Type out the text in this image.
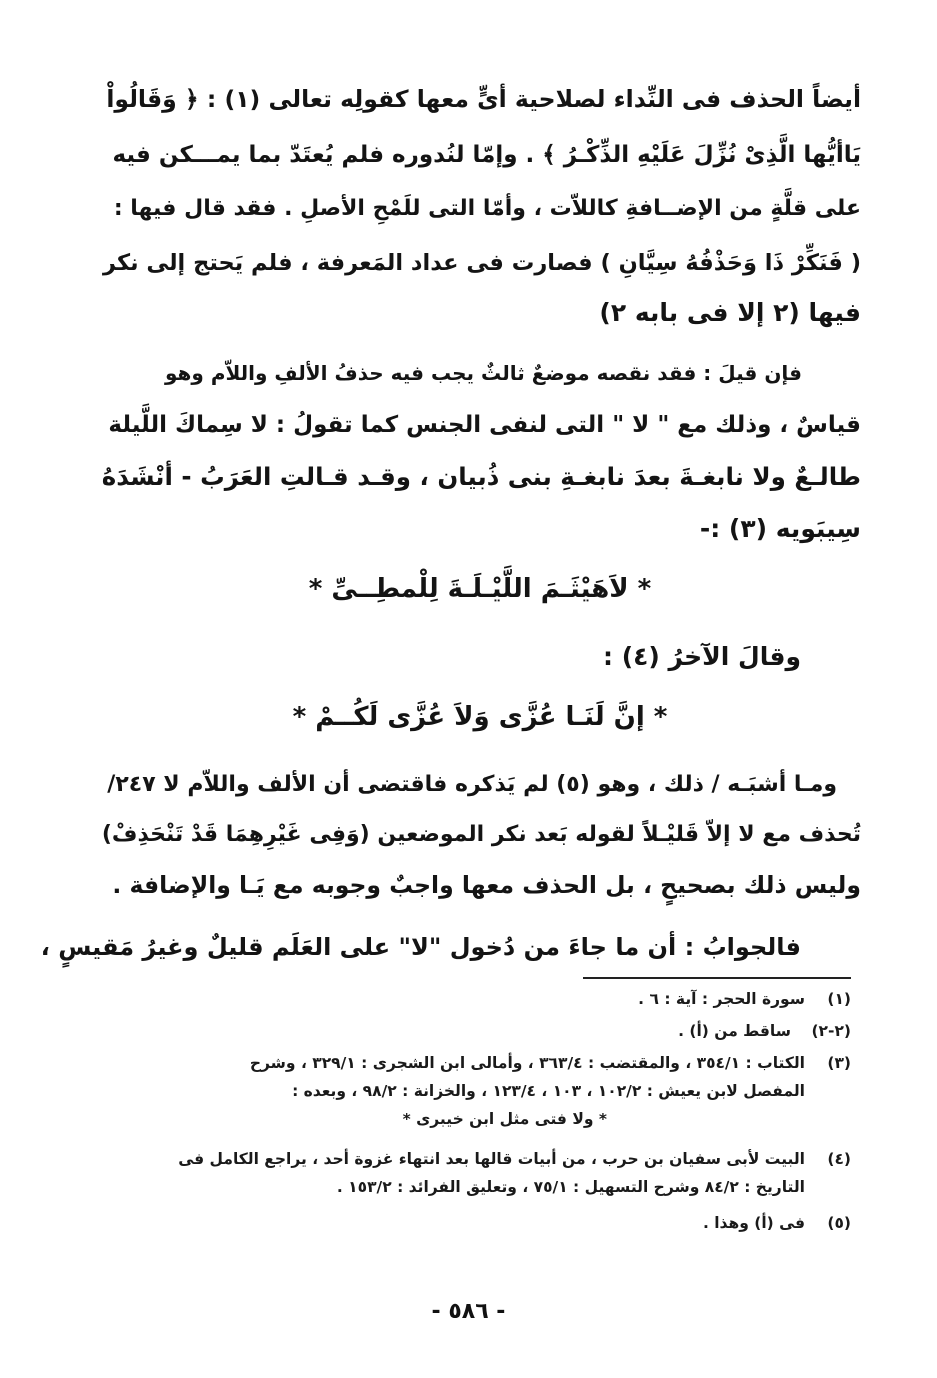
أيضاً الحذف فى النِّداء لصلاحية أىٍّ معها كقولِه تعالى (١) : ﴿ وَقَالُواْ
يَاأيُّها الَّذِىْ نُزِّلَ عَلَيْهِ الذِّكْـرُ ﴾ . وإمّا لنُدوره فلم يُعتَدّ بما يمـــكن فيه
على قلَّةٍ من الإضــافةِ كاللاّت ، وأمّا التى للَمْحِ الأصلِ . فقد قال فيها :
( فَنَكِّرْ ذَا وَحَذْفُهُ سِيَّانِ ) فصارت فى عداد المَعرفة ، فلم يَحتج إلى نكر
فيها (٢ إلا فى بابه ٢)
فإن قيلَ : فقد نقصه موضعٌ ثالثٌ يجب فيه حذفُ الألفِ واللاّم وهو
قياسٌ ، وذلك مع " لا " التى لنفى الجنس كما تقولُ : لا سِماكَ اللَّيلة
طالـعٌ ولا نابغـةَ بعدَ نابغـةِ بنى ذُبيان ، وقـد قـالتِ العَرَبُ - أنْشَدَهُ
سِيبَويه (٣) :-
* لاَهَيْثَـمَ اللَّيْـلَـةَ لِلْمطِــىِّ *
وقالَ الآخرُ (٤) :
* إنَّ لَنَـا عُزَّى وَلاَ عُزَّى لَكُــمْ *
ومـا أشبَـه / ذلك ، وهو (٥) لم يَذكره فاقتضى أن الألف واللاّم لا ٢٤٧/
تُحذف مع لا إلاّ قَليْـلاً لقوله بَعد نكر الموضعين (وَفِى غَيْرِهِمَا قَدْ تَنْحَذِفْ)
وليس ذلك بصحيحٍ ، بل الحذف معها واجبٌ وجوبه مع يَـا والإضافة .
فالجوابُ : أن ما جاءَ من دُخول "لا" على العَلَم قليلٌ وغيرُ مَقيسٍ ،
(١)
سورة الحجر : آية : ٦ .
(٢-٢)
ساقط من (أ) .
(٣)
الكتاب : ٣٥٤/١ ، والمقتضب : ٣٦٣/٤ ، وأمالى ابن الشجرى : ٣٢٩/١ ، وشرح
المفصل لابن يعيش : ١٠٢/٢ ، ١٠٣ ، ١٢٣/٤ ، والخزانة : ٩٨/٢ ، وبعده :
* ولا فتى مثل ابن خيبرى *
(٤)
البيت لأبى سفيان بن حرب ، من أبيات قالها بعد انتهاء غزوة أحد ، يراجع الكامل فى
التاريخ : ٨٤/٢ وشرح التسهيل : ٧٥/١ ، وتعليق الفرائد : ١٥٣/٢ .
(٥)
فى (أ) وهذا .
- ٥٨٦ -
